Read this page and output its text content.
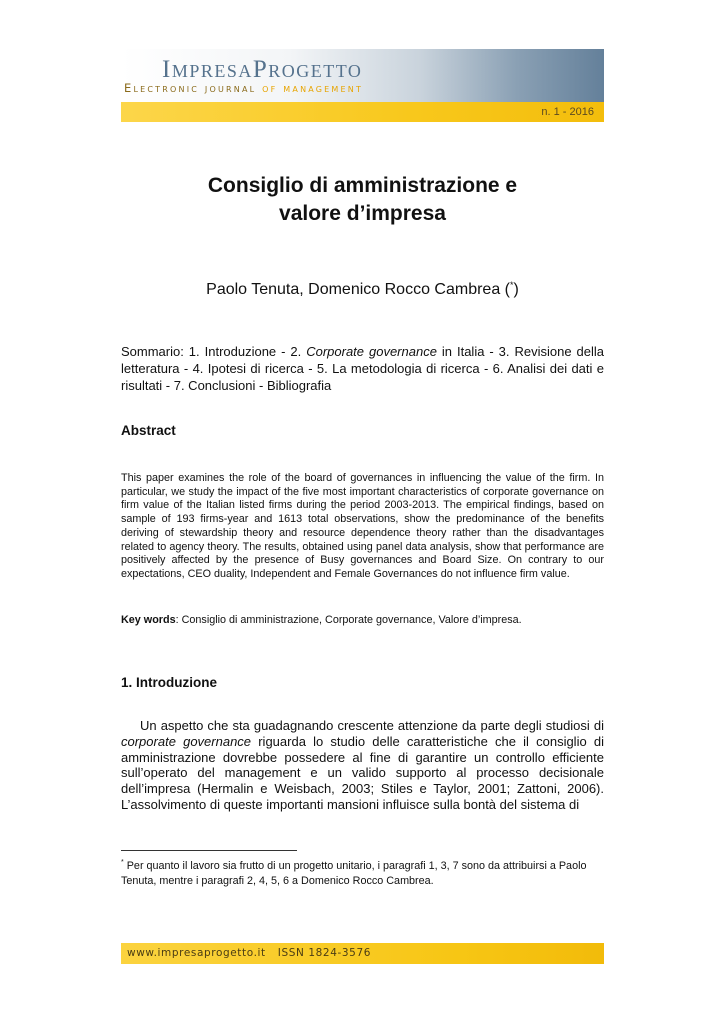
ImpresaProgetto

Electronic journal of management

n. 1 - 2016
Consiglio di amministrazione e
valore d’impresa
Paolo Tenuta, Domenico Rocco Cambrea (*)

Sommario: 1. Introduzione - 2. Corporate governance in Italia - 3. Revisione della letteratura - 4. Ipotesi di ricerca - 5. La metodologia di ricerca - 6. Analisi dei dati e risultati - 7. Conclusioni - Bibliografia

Abstract

This paper examines the role of the board of governances in influencing the value of the firm. In particular, we study the impact of the five most important characteristics of corporate governance on firm value of the Italian listed firms during the period 2003-2013. The empirical findings, based on sample of 193 firms-year and 1613 total observations, show the predominance of the benefits deriving of stewardship theory and resource dependence theory rather than the disadvantages related to agency theory. The results, obtained using panel data analysis, show that performance are positively affected by the presence of Busy governances and Board Size. On contrary to our expectations, CEO duality, Independent and Female Governances do not influence firm value.

Key words: Consiglio di amministrazione, Corporate governance, Valore d’impresa.

1. Introduzione

Un aspetto che sta guadagnando crescente attenzione da parte degli studiosi di corporate governance riguarda lo studio delle caratteristiche che il consiglio di amministrazione dovrebbe possedere al fine di garantire un controllo efficiente sull’operato del management e un valido supporto al processo decisionale dell’impresa (Hermalin e Weisbach, 2003; Stiles e Taylor, 2001; Zattoni, 2006). L’assolvimento di queste importanti mansioni influisce sulla bontà del sistema di

* Per quanto il lavoro sia frutto di un progetto unitario, i paragrafi 1, 3, 7 sono da attribuirsi a Paolo Tenuta, mentre i paragrafi 2, 4, 5, 6 a Domenico Rocco Cambrea.

www.impresaprogetto.it ISSN 1824-3576
